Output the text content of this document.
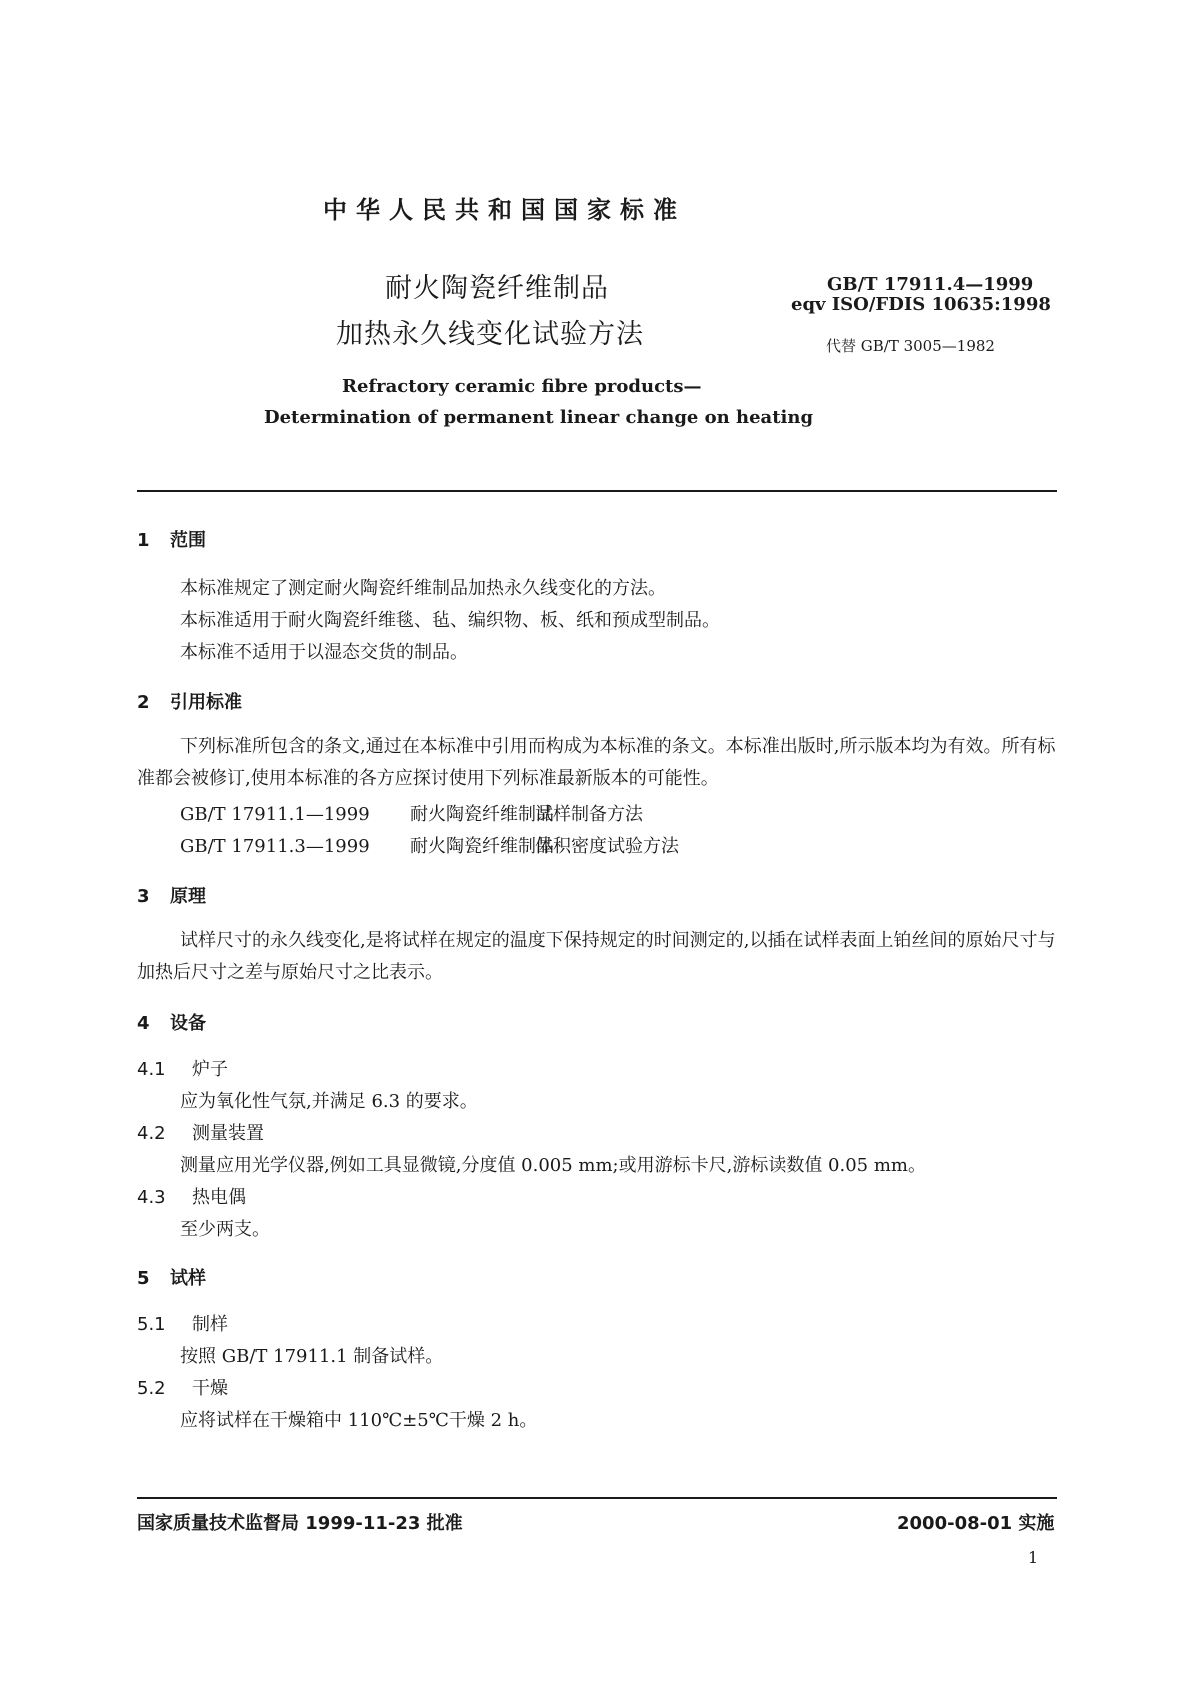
中华人民共和国国家标准
耐火陶瓷纤维制品
加热永久线变化试验方法
GB/T 17911.4—1999
eqv ISO/FDIS 10635:1998
代替 GB/T 3005—1982
Refractory ceramic fibre products—
Determination of permanent linear change on heating
1 范围
本标准规定了测定耐火陶瓷纤维制品加热永久线变化的方法。
本标准适用于耐火陶瓷纤维毯、毡、编织物、板、纸和预成型制品。
本标准不适用于以湿态交货的制品。
2 引用标准
下列标准所包含的条文,通过在本标准中引用而构成为本标准的条文。本标准出版时,所示版本均为有效。所有标准都会被修订,使用本标准的各方应探讨使用下列标准最新版本的可能性。
GB/T 17911.1—1999 耐火陶瓷纤维制品试样制备方法
GB/T 17911.3—1999 耐火陶瓷纤维制品体积密度试验方法
3 原理
试样尺寸的永久线变化,是将试样在规定的温度下保持规定的时间测定的,以插在试样表面上铂丝间的原始尺寸与加热后尺寸之差与原始尺寸之比表示。
4 设备
4.1 炉子
应为氧化性气氛,并满足 6.3 的要求。
4.2 测量装置
测量应用光学仪器,例如工具显微镜,分度值 0.005 mm;或用游标卡尺,游标读数值 0.05 mm。
4.3 热电偶
至少两支。
5 试样
5.1 制样
按照 GB/T 17911.1 制备试样。
5.2 干燥
应将试样在干燥箱中 110℃±5℃干燥 2 h。
国家质量技术监督局 1999-11-23 批准	2000-08-01 实施
1
